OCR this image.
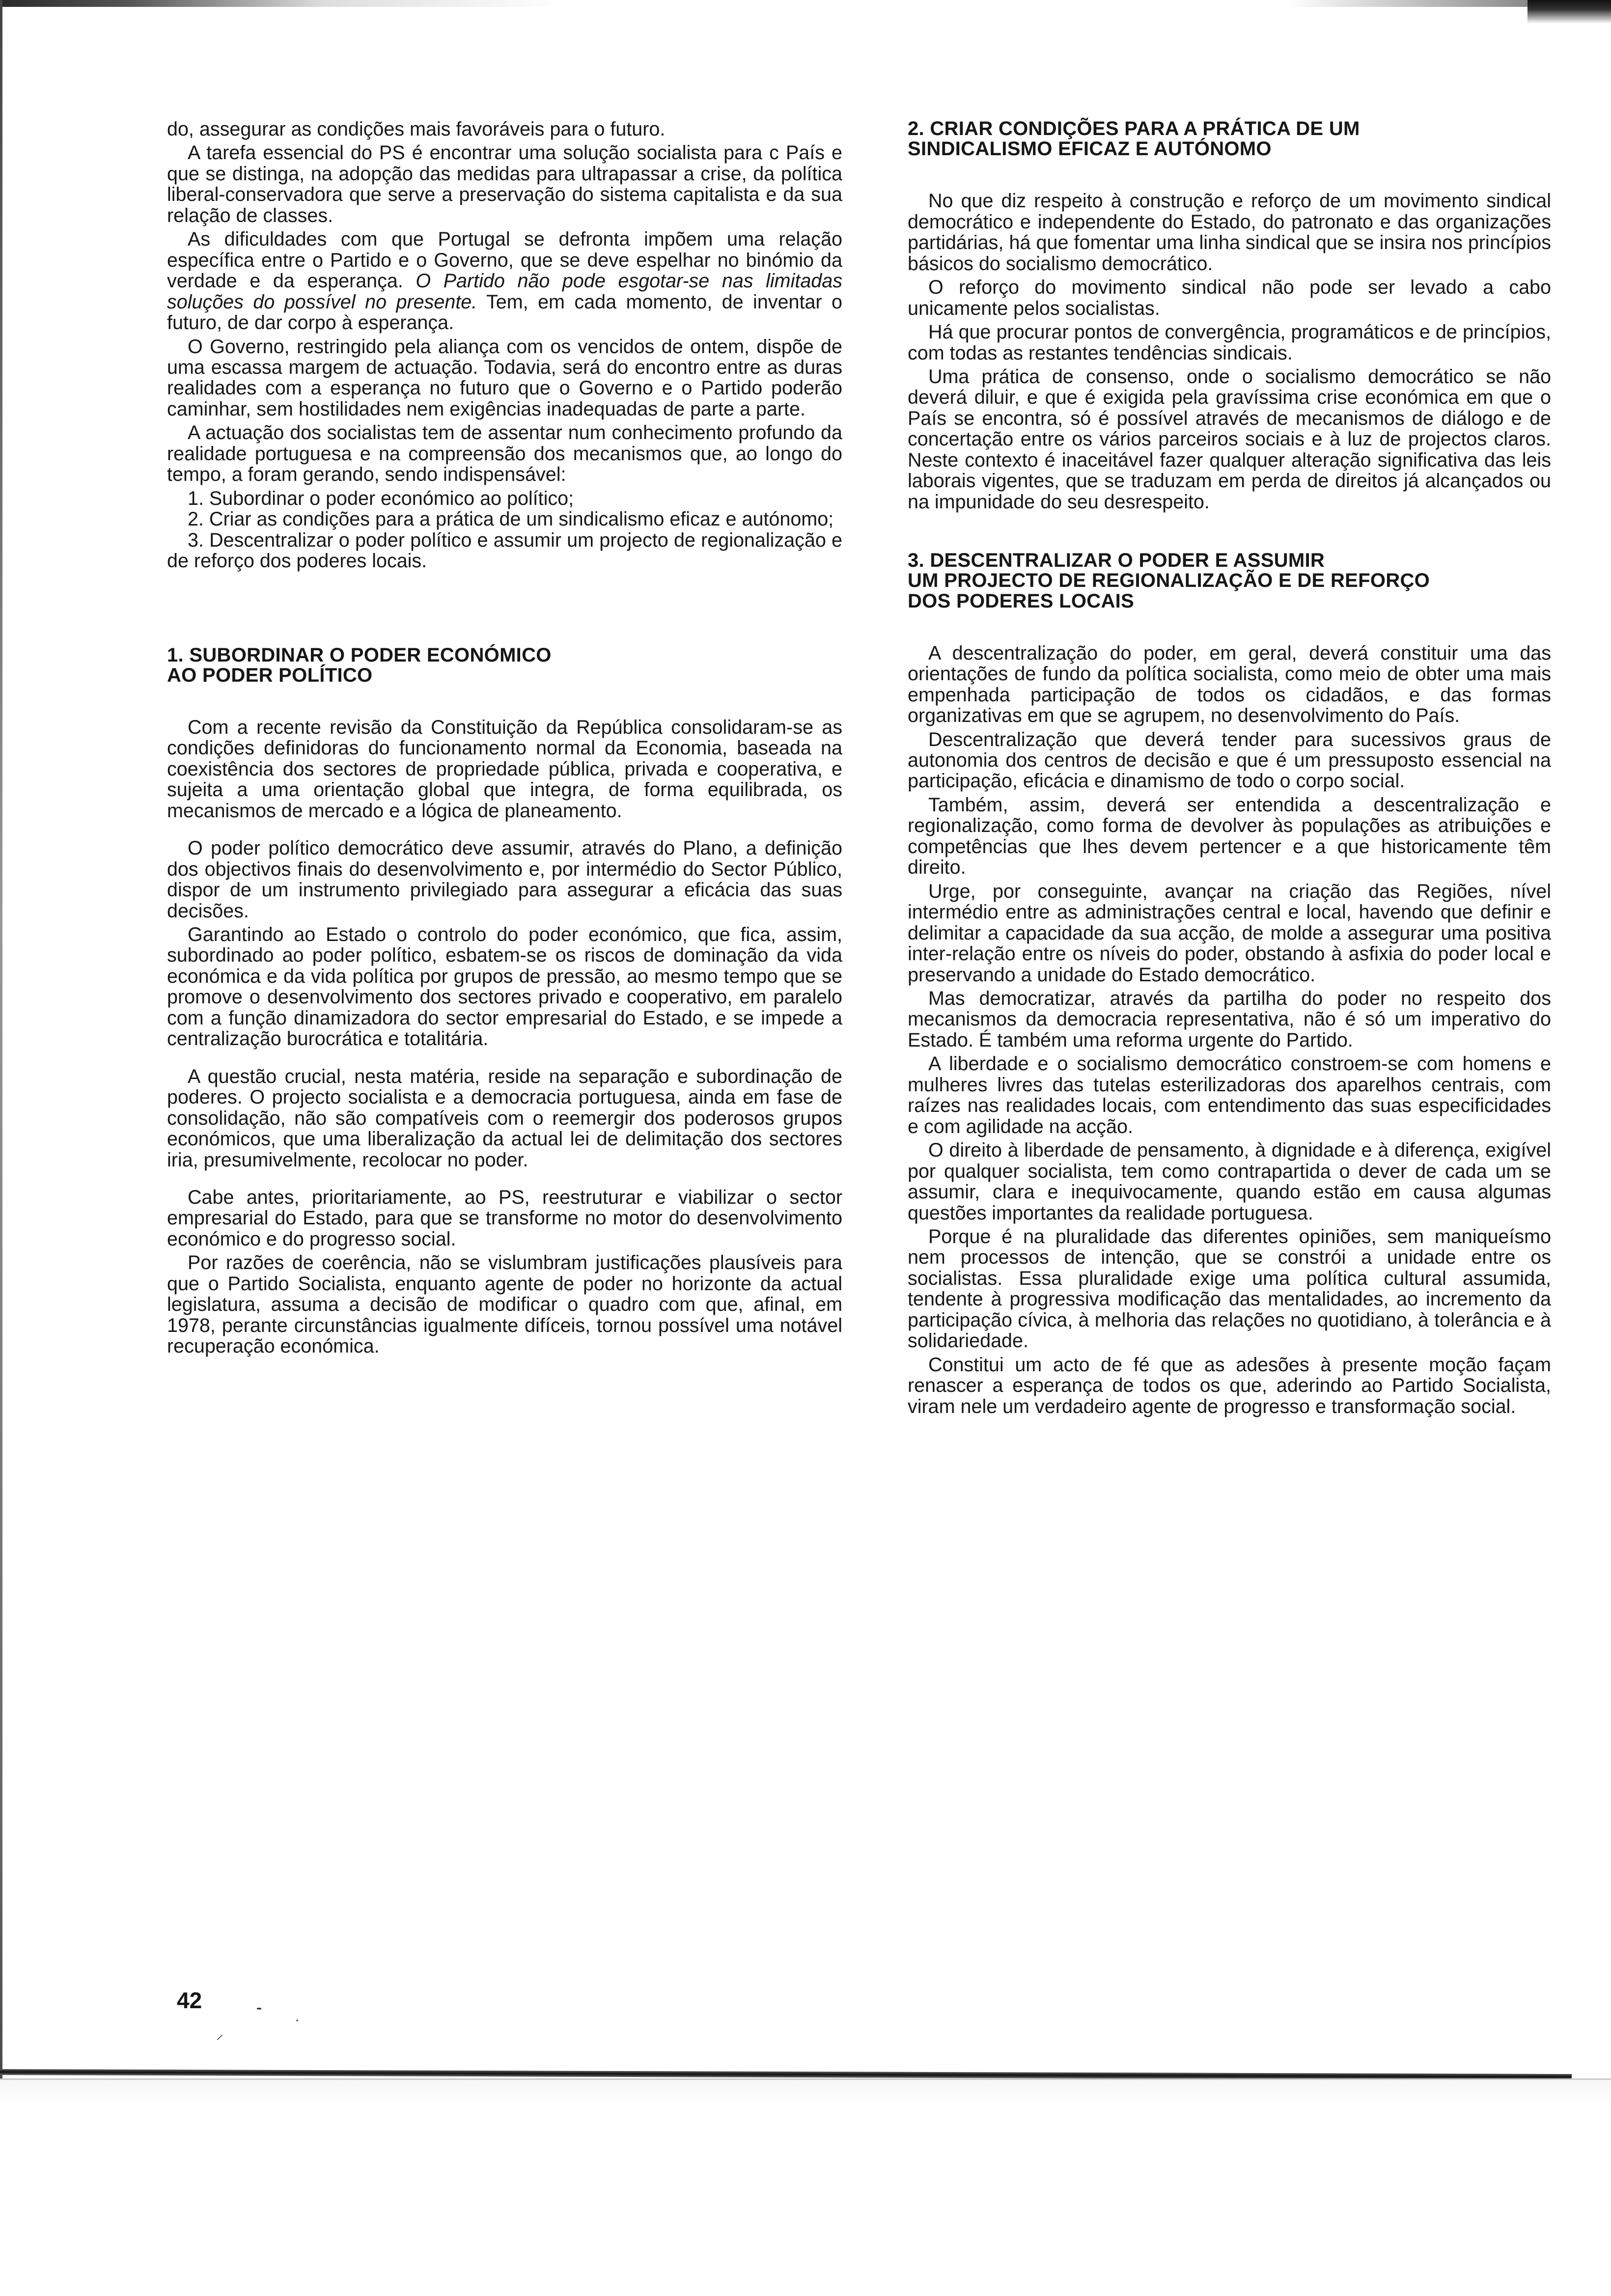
do, assegurar as condições mais favoráveis para o futuro.

A tarefa essencial do PS é encontrar uma solução socialista para c País e que se distinga, na adopção das medidas para ultrapassar a crise, da política liberal-conservadora que serve a preservação do sistema capitalista e da sua relação de classes.

As dificuldades com que Portugal se defronta impõem uma relação específica entre o Partido e o Governo, que se deve espelhar no binómio da verdade e da esperança. O Partido não pode esgotar-se nas limitadas soluções do possível no presente. Tem, em cada momento, de inventar o futuro, de dar corpo à esperança.

O Governo, restringido pela aliança com os vencidos de ontem, dispõe de uma escassa margem de actuação. Todavia, será do encontro entre as duras realidades com a esperança no futuro que o Governo e o Partido poderão caminhar, sem hostilidades nem exigências inadequadas de parte a parte.

A actuação dos socialistas tem de assentar num conhecimento profundo da realidade portuguesa e na compreensão dos mecanismos que, ao longo do tempo, a foram gerando, sendo indispensável:

1. Subordinar o poder económico ao político;

2. Criar as condições para a prática de um sindicalismo eficaz e autónomo;

3. Descentralizar o poder político e assumir um projecto de regionalização e de reforço dos poderes locais.

1. SUBORDINAR O PODER ECONÓMICO
AO PODER POLÍTICO

Com a recente revisão da Constituição da República consolidaram-se as condições definidoras do funcionamento normal da Economia, baseada na coexistência dos sectores de propriedade pública, privada e cooperativa, e sujeita a uma orientação global que integra, de forma equilibrada, os mecanismos de mercado e a lógica de planeamento.

O poder político democrático deve assumir, através do Plano, a definição dos objectivos finais do desenvolvimento e, por intermédio do Sector Público, dispor de um instrumento privilegiado para assegurar a eficácia das suas decisões.

Garantindo ao Estado o controlo do poder económico, que fica, assim, subordinado ao poder político, esbatem-se os riscos de dominação da vida económica e da vida política por grupos de pressão, ao mesmo tempo que se promove o desenvolvimento dos sectores privado e cooperativo, em paralelo com a função dinamizadora do sector empresarial do Estado, e se impede a centralização burocrática e totalitária.

A questão crucial, nesta matéria, reside na separação e subordinação de poderes. O projecto socialista e a democracia portuguesa, ainda em fase de consolidação, não são compatíveis com o reemergir dos poderosos grupos económicos, que uma liberalização da actual lei de delimitação dos sectores iria, presumivelmente, recolocar no poder.

Cabe antes, prioritariamente, ao PS, reestruturar e viabilizar o sector empresarial do Estado, para que se transforme no motor do desenvolvimento económico e do progresso social.

Por razões de coerência, não se vislumbram justificações plausíveis para que o Partido Socialista, enquanto agente de poder no horizonte da actual legislatura, assuma a decisão de modificar o quadro com que, afinal, em 1978, perante circunstâncias igualmente difíceis, tornou possível uma notável recuperação económica.

2. CRIAR CONDIÇÕES PARA A PRÁTICA DE UM
SINDICALISMO EFICAZ E AUTÓNOMO

No que diz respeito à construção e reforço de um movimento sindical democrático e independente do Estado, do patronato e das organizações partidárias, há que fomentar uma linha sindical que se insira nos princípios básicos do socialismo democrático.

O reforço do movimento sindical não pode ser levado a cabo unicamente pelos socialistas.

Há que procurar pontos de convergência, programáticos e de princípios, com todas as restantes tendências sindicais.

Uma prática de consenso, onde o socialismo democrático se não deverá diluir, e que é exigida pela gravíssima crise económica em que o País se encontra, só é possível através de mecanismos de diálogo e de concertação entre os vários parceiros sociais e à luz de projectos claros. Neste contexto é inaceitável fazer qualquer alteração significativa das leis laborais vigentes, que se traduzam em perda de direitos já alcançados ou na impunidade do seu desrespeito.

3. DESCENTRALIZAR O PODER E ASSUMIR
UM PROJECTO DE REGIONALIZAÇÃO E DE REFORÇO
DOS PODERES LOCAIS

A descentralização do poder, em geral, deverá constituir uma das orientações de fundo da política socialista, como meio de obter uma mais empenhada participação de todos os cidadãos, e das formas organizativas em que se agrupem, no desenvolvimento do País.

Descentralização que deverá tender para sucessivos graus de autonomia dos centros de decisão e que é um pressuposto essencial na participação, eficácia e dinamismo de todo o corpo social.

Também, assim, deverá ser entendida a descentralização e regionalização, como forma de devolver às populações as atribuições e competências que lhes devem pertencer e a que historicamente têm direito.

Urge, por conseguinte, avançar na criação das Regiões, nível intermédio entre as administrações central e local, havendo que definir e delimitar a capacidade da sua acção, de molde a assegurar uma positiva inter-relação entre os níveis do poder, obstando à asfixia do poder local e preservando a unidade do Estado democrático.

Mas democratizar, através da partilha do poder no respeito dos mecanismos da democracia representativa, não é só um imperativo do Estado. É também uma reforma urgente do Partido.

A liberdade e o socialismo democrático constroem-se com homens e mulheres livres das tutelas esterilizadoras dos aparelhos centrais, com raízes nas realidades locais, com entendimento das suas especificidades e com agilidade na acção.

O direito à liberdade de pensamento, à dignidade e à diferença, exigível por qualquer socialista, tem como contrapartida o dever de cada um se assumir, clara e inequivocamente, quando estão em causa algumas questões importantes da realidade portuguesa.

Porque é na pluralidade das diferentes opiniões, sem maniqueísmo nem processos de intenção, que se constrói a unidade entre os socialistas. Essa pluralidade exige uma política cultural assumida, tendente à progressiva modificação das mentalidades, ao incremento da participação cívica, à melhoria das relações no quotidiano, à tolerância e à solidariedade.

Constitui um acto de fé que as adesões à presente moção façam renascer a esperança de todos os que, aderindo ao Partido Socialista, viram nele um verdadeiro agente de progresso e transformação social.

42	⁃
·
⸍
